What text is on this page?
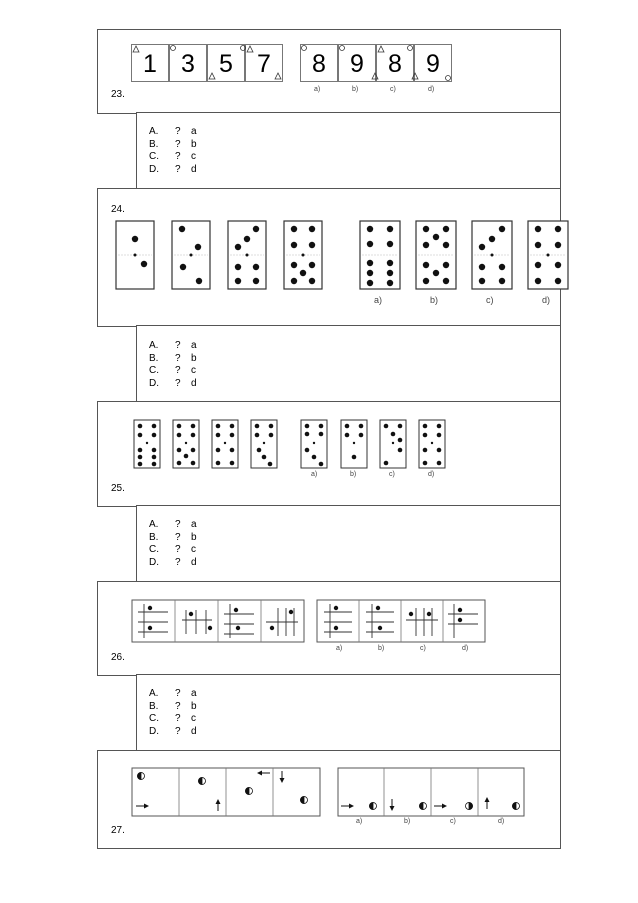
1 3 5 7	8 9 8 9
a)	b)	c)	d)
23.
A.	?	a
B.	?	b
C.	?	c
D.	?	d
24.
a)	b)	c)	d)
A.	?	a
B.	?	b
C.	?	c
D.	?	d
a)	b)	c)	d)
25.
A.	?	a
B.	?	b
C.	?	c
D.	?	d
a)	b)	c)	d)
26.
A.	?	a
B.	?	b
C.	?	c
D.	?	d
a)	b)	c)	d)
27.
